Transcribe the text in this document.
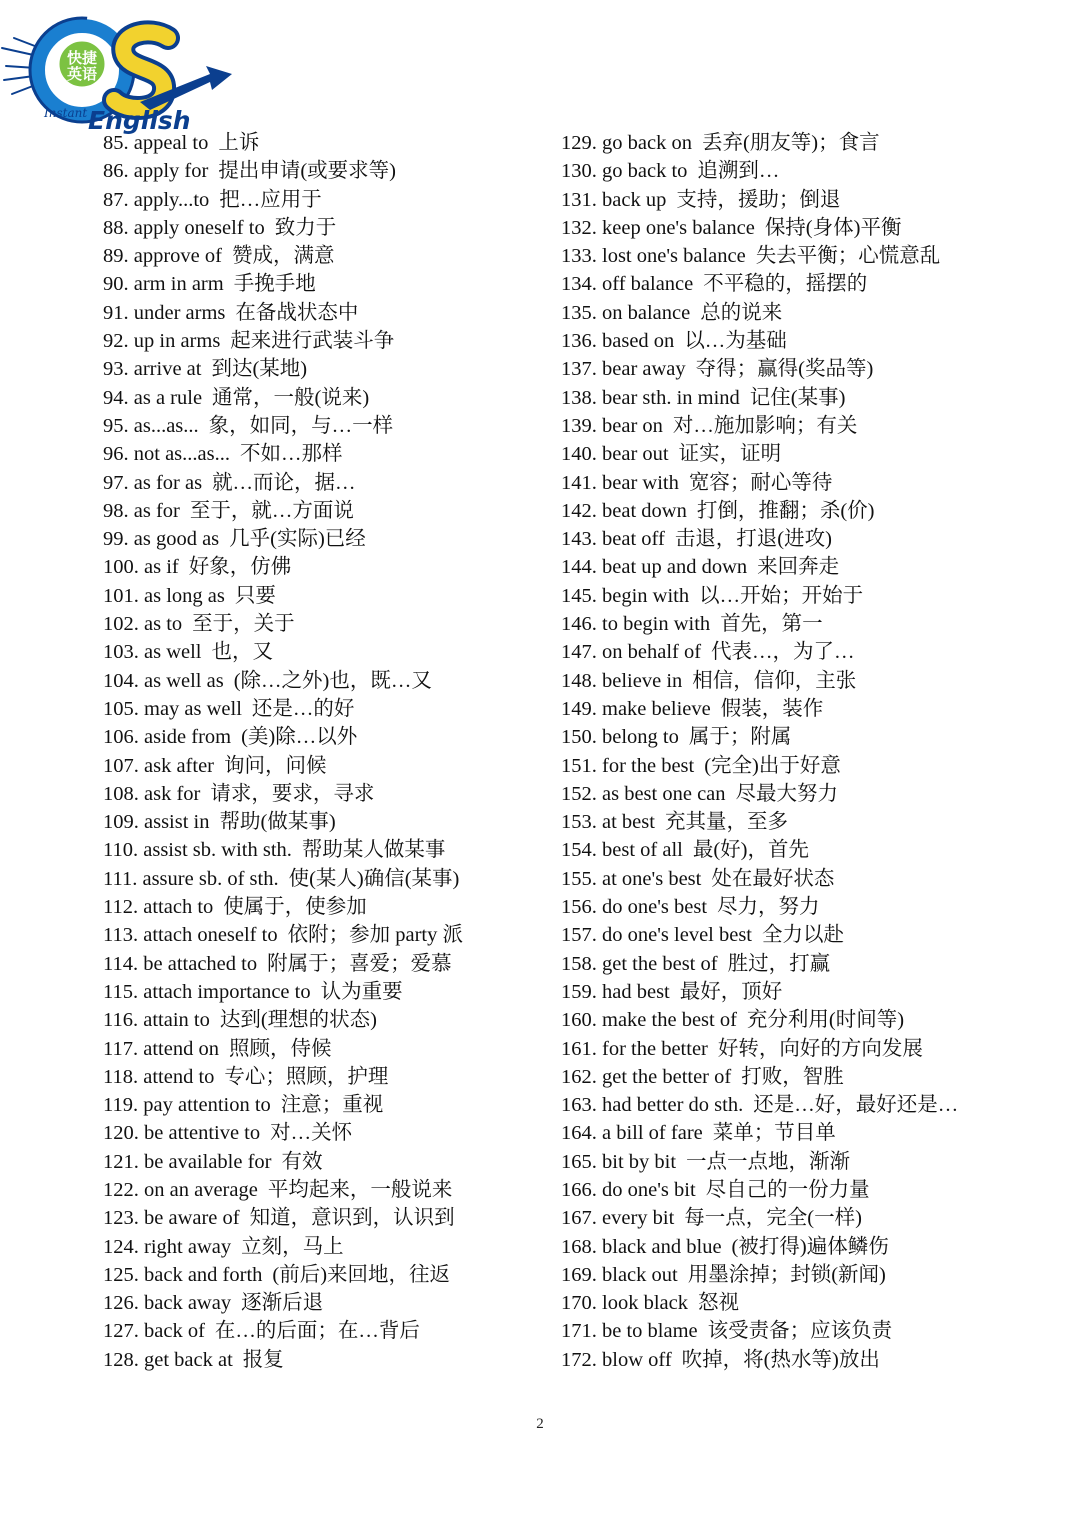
快捷英语
Instant English
85. appeal to 上诉
86. apply for 提出申请(或要求等)
87. apply...to 把…应用于
88. apply oneself to 致力于
89. approve of 赞成，满意
90. arm in arm 手挽手地
91. under arms 在备战状态中
92. up in arms 起来进行武装斗争
93. arrive at 到达(某地)
94. as a rule 通常，一般(说来)
95. as...as... 象，如同，与…一样
96. not as...as... 不如…那样
97. as for as 就…而论，据…
98. as for 至于，就…方面说
99. as good as 几乎(实际)已经
100. as if 好象，仿佛
101. as long as 只要
102. as to 至于，关于
103. as well 也，又
104. as well as (除…之外)也，既…又
105. may as well 还是…的好
106. aside from (美)除…以外
107. ask after 询问，问候
108. ask for 请求，要求，寻求
109. assist in 帮助(做某事)
110. assist sb. with sth. 帮助某人做某事
111. assure sb. of sth. 使(某人)确信(某事)
112. attach to 使属于，使参加
113. attach oneself to 依附；参加 party 派
114. be attached to 附属于；喜爱；爱慕
115. attach importance to 认为重要
116. attain to 达到(理想的状态)
117. attend on 照顾，侍候
118. attend to 专心；照顾，护理
119. pay attention to 注意；重视
120. be attentive to 对…关怀
121. be available for 有效
122. on an average 平均起来，一般说来
123. be aware of 知道，意识到，认识到
124. right away 立刻，马上
125. back and forth (前后)来回地，往返
126. back away 逐渐后退
127. back of 在…的后面；在…背后
128. get back at 报复
129. go back on 丢弃(朋友等)；食言
130. go back to 追溯到…
131. back up 支持，援助；倒退
132. keep one's balance 保持(身体)平衡
133. lost one's balance 失去平衡；心慌意乱
134. off balance 不平稳的，摇摆的
135. on balance 总的说来
136. based on 以…为基础
137. bear away 夺得；赢得(奖品等)
138. bear sth. in mind 记住(某事)
139. bear on 对…施加影响；有关
140. bear out 证实，证明
141. bear with 宽容；耐心等待
142. beat down 打倒，推翻；杀(价)
143. beat off 击退，打退(进攻)
144. beat up and down 来回奔走
145. begin with 以…开始；开始于
146. to begin with 首先，第一
147. on behalf of 代表…，为了…
148. believe in 相信，信仰，主张
149. make believe 假装，装作
150. belong to 属于；附属
151. for the best (完全)出于好意
152. as best one can 尽最大努力
153. at best 充其量，至多
154. best of all 最(好)，首先
155. at one's best 处在最好状态
156. do one's best 尽力，努力
157. do one's level best 全力以赴
158. get the best of 胜过，打赢
159. had best 最好，顶好
160. make the best of 充分利用(时间等)
161. for the better 好转，向好的方向发展
162. get the better of 打败，智胜
163. had better do sth. 还是…好，最好还是…
164. a bill of fare 菜单；节目单
165. bit by bit 一点一点地，渐渐
166. do one's bit 尽自己的一份力量
167. every bit 每一点，完全(一样)
168. black and blue (被打得)遍体鳞伤
169. black out 用墨涂掉；封锁(新闻)
170. look black 怒视
171. be to blame 该受责备；应该负责
172. blow off 吹掉，将(热水等)放出
2
